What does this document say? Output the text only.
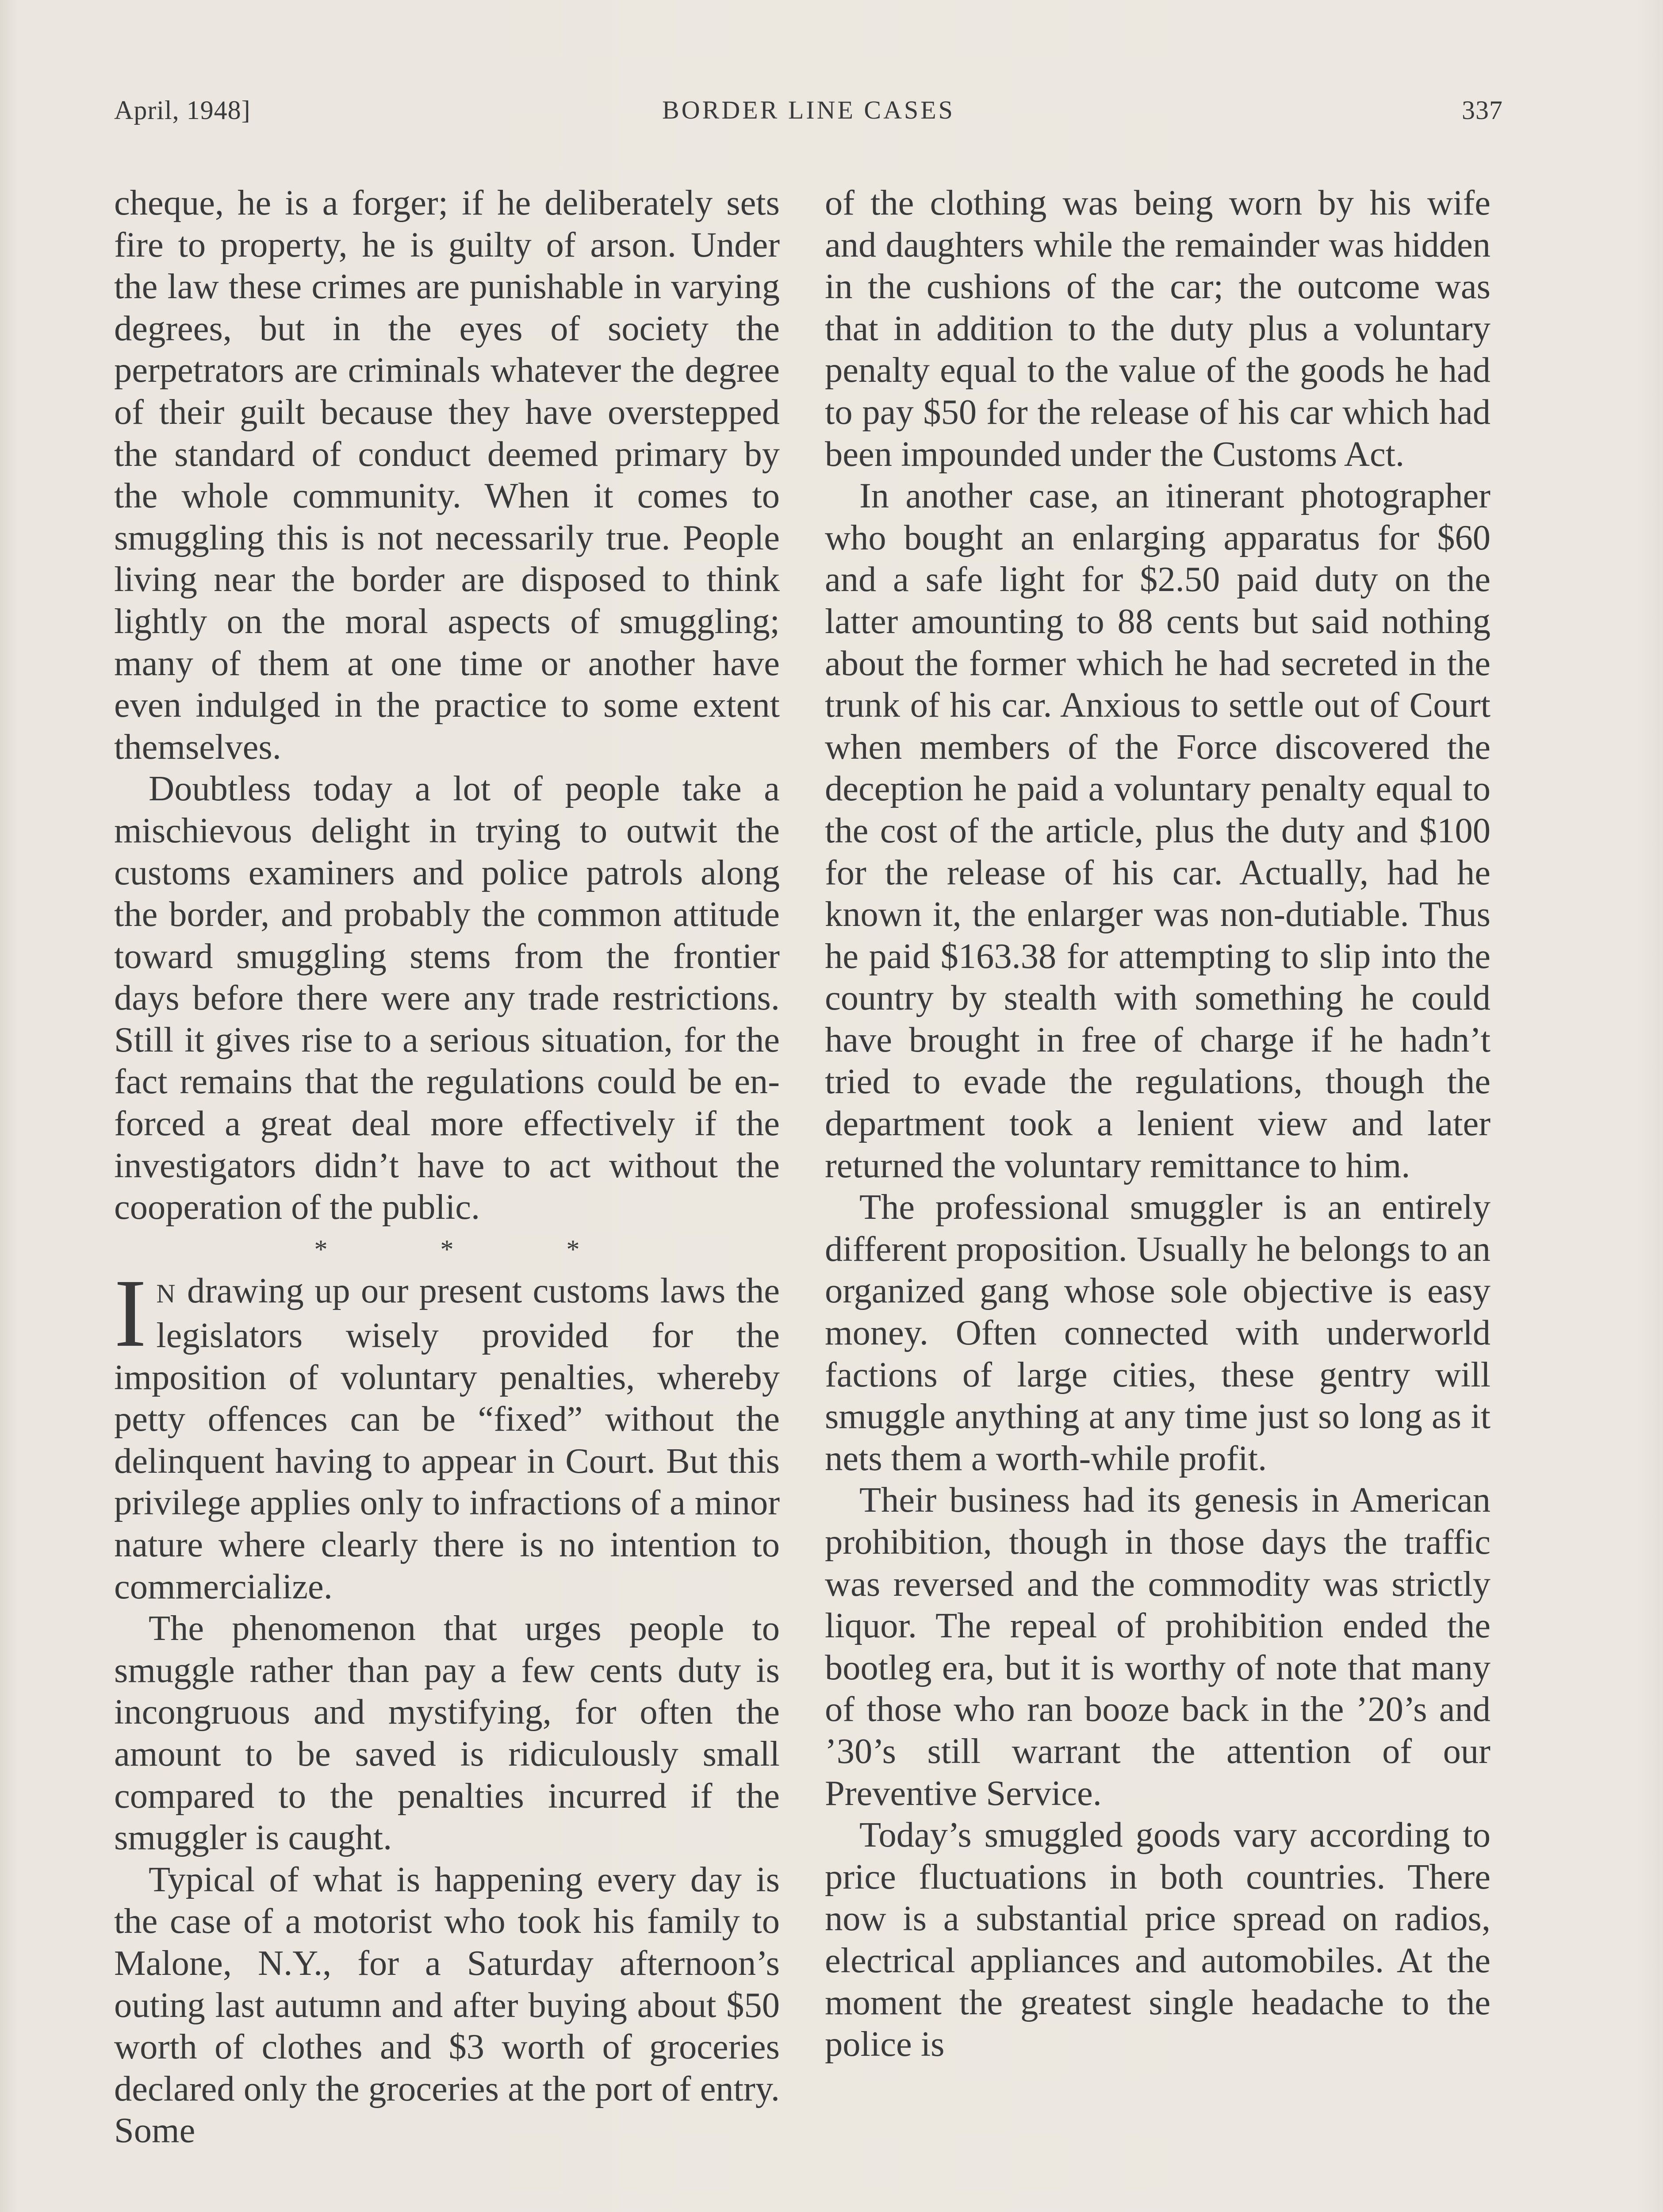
April, 1948]	BORDER LINE CASES	337

cheque, he is a forger; if he deliberately sets fire to property, he is guilty of arson. Under the law these crimes are punishable in varying degrees, but in the eyes of society the perpetrators are criminals whatever the degree of their guilt because they have overstepped the standard of conduct deemed primary by the whole community. When it comes to smuggling this is not necessarily true. People living near the border are disposed to think lightly on the moral aspects of smuggling; many of them at one time or another have even indulged in the practice to some extent themselves.

Doubtless today a lot of people take a mischievous delight in trying to outwit the customs examiners and police patrols along the border, and probably the common attitude toward smuggling stems from the frontier days before there were any trade restrictions. Still it gives rise to a serious situation, for the fact remains that the regulations could be enforced a great deal more effectively if the investigators didn’t have to act without the cooperation of the public.

* * *

I N drawing up our present customs laws the legislators wisely provided for the imposition of voluntary penalties, whereby petty offences can be “fixed” without the delinquent having to appear in Court. But this privilege applies only to infractions of a minor nature where clearly there is no intention to commercialize.

The phenomenon that urges people to smuggle rather than pay a few cents duty is incongruous and mystifying, for often the amount to be saved is ridiculously small compared to the penalties incurred if the smuggler is caught.

Typical of what is happening every day is the case of a motorist who took his family to Malone, N.Y., for a Saturday afternoon’s outing last autumn and after buying about $50 worth of clothes and $3 worth of groceries declared only the groceries at the port of entry. Some

of the clothing was being worn by his wife and daughters while the remainder was hidden in the cushions of the car; the outcome was that in addition to the duty plus a voluntary penalty equal to the value of the goods he had to pay $50 for the release of his car which had been impounded under the Customs Act.

In another case, an itinerant photographer who bought an enlarging apparatus for $60 and a safe light for $2.50 paid duty on the latter amounting to 88 cents but said nothing about the former which he had secreted in the trunk of his car. Anxious to settle out of Court when members of the Force discovered the deception he paid a voluntary penalty equal to the cost of the article, plus the duty and $100 for the release of his car. Actually, had he known it, the enlarger was non-dutiable. Thus he paid $163.38 for attempting to slip into the country by stealth with something he could have brought in free of charge if he hadn’t tried to evade the regulations, though the department took a lenient view and later returned the voluntary remittance to him.

The professional smuggler is an entirely different proposition. Usually he belongs to an organized gang whose sole objective is easy money. Often connected with underworld factions of large cities, these gentry will smuggle anything at any time just so long as it nets them a worth-while profit.

Their business had its genesis in American prohibition, though in those days the traffic was reversed and the commodity was strictly liquor. The repeal of prohibition ended the bootleg era, but it is worthy of note that many of those who ran booze back in the ’20’s and ’30’s still warrant the attention of our Preventive Service.

Today’s smuggled goods vary according to price fluctuations in both countries. There now is a substantial price spread on radios, electrical appliances and automobiles. At the moment the greatest single headache to the police is
